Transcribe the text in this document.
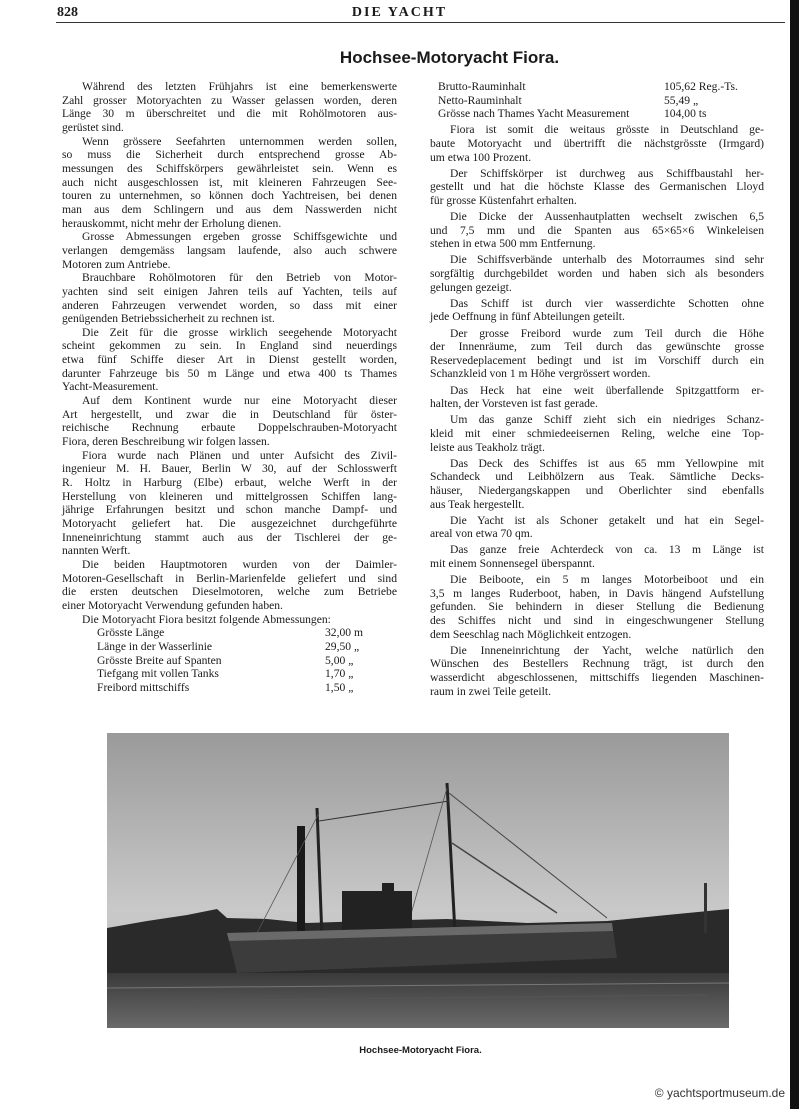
828	DIE YACHT
Hochsee-Motoryacht Fiora.
Während des letzten Frühjahrs ist eine bemerkenswerte
Zahl grosser Motoryachten zu Wasser gelassen worden, deren
Länge 30 m überschreitet und die mit Rohölmotoren aus-
gerüstet sind.
Wenn grössere Seefahrten unternommen werden sollen,
so muss die Sicherheit durch entsprechend grosse Ab-
messungen des Schiffskörpers gewährleistet sein. Wenn es
auch nicht ausgeschlossen ist, mit kleineren Fahrzeugen See-
touren zu unternehmen, so können doch Yachtreisen, bei denen
man aus dem Schlingern und aus dem Nasswerden nicht
herauskommt, nicht mehr der Erholung dienen.
Grosse Abmessungen ergeben grosse Schiffsgewichte und
verlangen demgemäss langsam laufende, also auch schwere
Motoren zum Antriebe.
Brauchbare Rohölmotoren für den Betrieb von Motor-
yachten sind seit einigen Jahren teils auf Yachten, teils auf
anderen Fahrzeugen verwendet worden, so dass mit einer
genügenden Betriebssicherheit zu rechnen ist.
Die Zeit für die grosse wirklich seegehende Motoryacht
scheint gekommen zu sein. In England sind neuerdings
etwa fünf Schiffe dieser Art in Dienst gestellt worden,
darunter Fahrzeuge bis 50 m Länge und etwa 400 ts Thames
Yacht-Measurement.
Auf dem Kontinent wurde nur eine Motoryacht dieser
Art hergestellt, und zwar die in Deutschland für öster-
reichische Rechnung erbaute Doppelschrauben-Motoryacht
Fiora, deren Beschreibung wir folgen lassen.
Fiora wurde nach Plänen und unter Aufsicht des Zivil-
ingenieur M. H. Bauer, Berlin W 30, auf der Schlosswerft
R. Holtz in Harburg (Elbe) erbaut, welche Werft in der
Herstellung von kleineren und mittelgrossen Schiffen lang-
jährige Erfahrungen besitzt und schon manche Dampf- und
Motoryacht geliefert hat. Die ausgezeichnet durchgeführte
Inneneinrichtung stammt auch aus der Tischlerei der ge-
nannten Werft.
Die beiden Hauptmotoren wurden von der Daimler-
Motoren-Gesellschaft in Berlin-Marienfelde geliefert und sind
die ersten deutschen Dieselmotoren, welche zum Betriebe
einer Motoryacht Verwendung gefunden haben.
Die Motoryacht Fiora besitzt folgende Abmessungen:
Grösste Länge	32,00 m
Länge in der Wasserlinie	29,50 „
Grösste Breite auf Spanten	5,00 „
Tiefgang mit vollen Tanks	1,70 „
Freibord mittschiffs	1,50 „
Brutto-Rauminhalt	105,62 Reg.-Ts.
Netto-Rauminhalt	55,49 „
Grösse nach Thames Yacht Measurement	104,00 ts
Fiora ist somit die weitaus grösste in Deutschland ge-
baute Motoryacht und übertrifft die nächstgrösste (Irmgard)
um etwa 100 Prozent.
Der Schiffskörper ist durchweg aus Schiffbaustahl her-
gestellt und hat die höchste Klasse des Germanischen Lloyd
für grosse Küstenfahrt erhalten.
Die Dicke der Aussenhautplatten wechselt zwischen 6,5
und 7,5 mm und die Spanten aus 65×65×6 Winkeleisen
stehen in etwa 500 mm Entfernung.
Die Schiffsverbände unterhalb des Motorraumes sind sehr
sorgfältig durchgebildet worden und haben sich als besonders
gelungen gezeigt.
Das Schiff ist durch vier wasserdichte Schotten ohne
jede Oeffnung in fünf Abteilungen geteilt.
Der grosse Freibord wurde zum Teil durch die Höhe
der Innenräume, zum Teil durch das gewünschte grosse
Reservedeplacement bedingt und ist im Vorschiff durch ein
Schanzkleid von 1 m Höhe vergrössert worden.
Das Heck hat eine weit überfallende Spitzgattform er-
halten, der Vorsteven ist fast gerade.
Um das ganze Schiff zieht sich ein niedriges Schanz-
kleid mit einer schmiedeeisernen Reling, welche eine Top-
leiste aus Teakholz trägt.
Das Deck des Schiffes ist aus 65 mm Yellowpine mit
Schandeck und Leibhölzern aus Teak. Sämtliche Decks-
häuser, Niedergangskappen und Oberlichter sind ebenfalls
aus Teak hergestellt.
Die Yacht ist als Schoner getakelt und hat ein Segel-
areal von etwa 70 qm.
Das ganze freie Achterdeck von ca. 13 m Länge ist
mit einem Sonnensegel überspannt.
Die Beiboote, ein 5 m langes Motorbeiboot und ein
3,5 m langes Ruderboot, haben, in Davis hängend Aufstellung
gefunden. Sie behindern in dieser Stellung die Bedienung
des Schiffes nicht und sind in eingeschwungener Stellung
dem Seeschlag nach Möglichkeit entzogen.
Die Inneneinrichtung der Yacht, welche natürlich den
Wünschen des Bestellers Rechnung trägt, ist durch den
wasserdicht abgeschlossenen, mittschiffs liegenden Maschinen-
raum in zwei Teile geteilt.
Hochsee-Motoryacht Fiora.
© yachtsportmuseum.de
